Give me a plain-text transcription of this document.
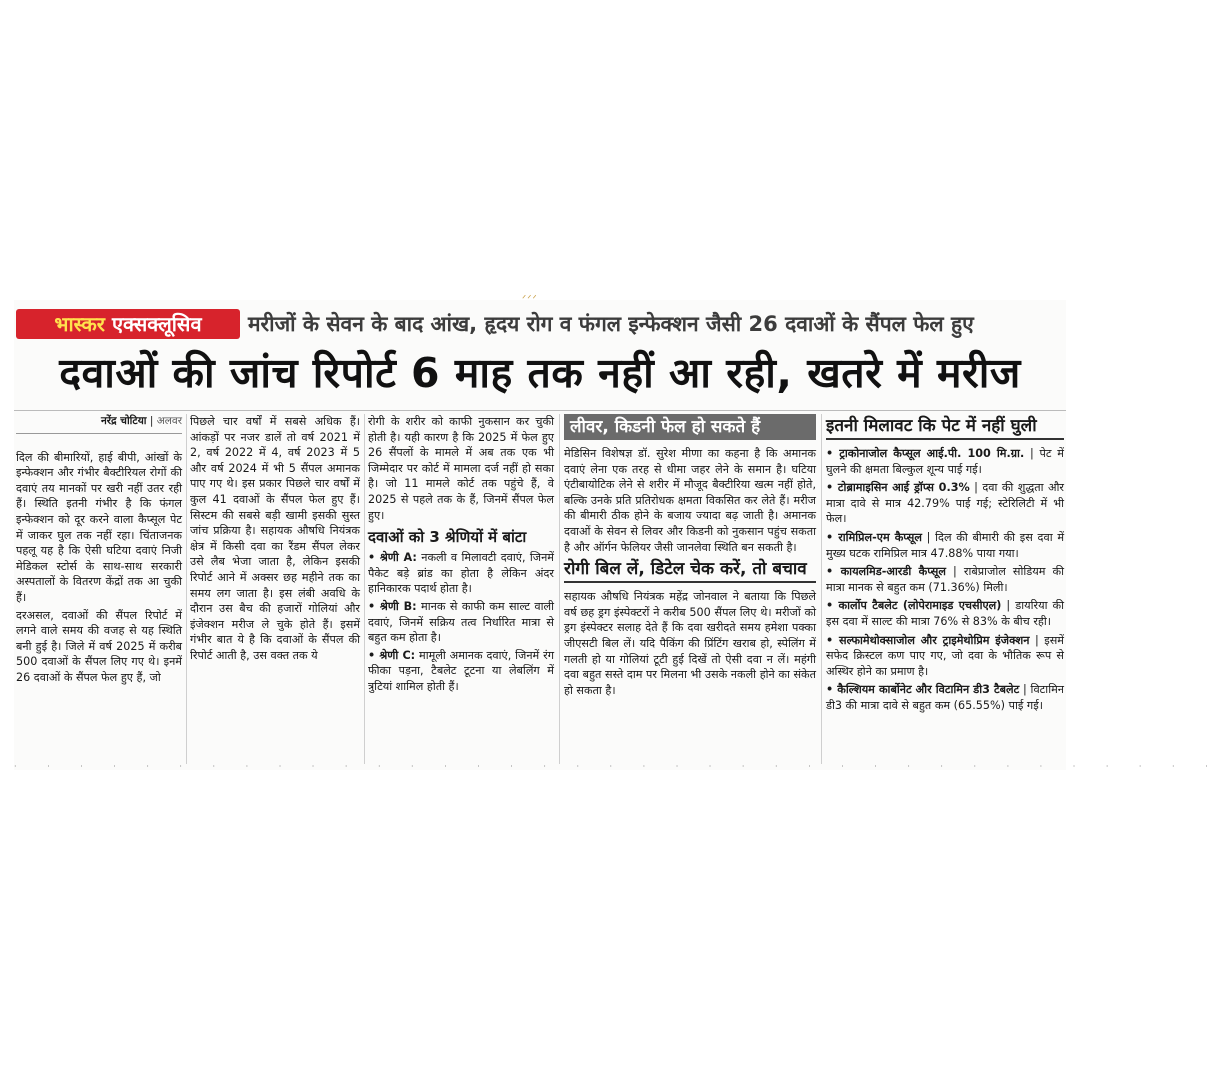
भास्कर एक्सक्लूसिव	मरीजों के सेवन के बाद आंख, हृदय रोग व फंगल इन्फेक्शन जैसी 26 दवाओं के सैंपल फेल हुए
दवाओं की जांच रिपोर्ट 6 माह तक नहीं आ रही, खतरे में मरीज
नरेंद्र चोटिया | अलवर

दिल की बीमारियों, हाई बीपी, आंखों के इन्फेक्शन और गंभीर बैक्टीरियल रोगों की दवाएं तय मानकों पर खरी नहीं उतर रही हैं। स्थिति इतनी गंभीर है कि फंगल इन्फेक्शन को दूर करने वाला कैप्सूल पेट में जाकर घुल तक नहीं रहा। चिंताजनक पहलू यह है कि ऐसी घटिया दवाएं निजी मेडिकल स्टोर्स के साथ-साथ सरकारी अस्पतालों के वितरण केंद्रों तक आ चुकी हैं।

दरअसल, दवाओं की सैंपल रिपोर्ट में लगने वाले समय की वजह से यह स्थिति बनी हुई है। जिले में वर्ष 2025 में करीब 500 दवाओं के सैंपल लिए गए थे। इनमें 26 दवाओं के सैंपल फेल हुए हैं, जो

पिछले चार वर्षों में सबसे अधिक हैं। आंकड़ों पर नजर डालें तो वर्ष 2021 में 2, वर्ष 2022 में 4, वर्ष 2023 में 5 और वर्ष 2024 में भी 5 सैंपल अमानक पाए गए थे। इस प्रकार पिछले चार वर्षों में कुल 41 दवाओं के सैंपल फेल हुए हैं। सिस्टम की सबसे बड़ी खामी इसकी सुस्त जांच प्रक्रिया है। सहायक औषधि नियंत्रक क्षेत्र में किसी दवा का रैंडम सैंपल लेकर उसे लैब भेजा जाता है, लेकिन इसकी रिपोर्ट आने में अक्सर छह महीने तक का समय लग जाता है। इस लंबी अवधि के दौरान उस बैच की हजारों गोलियां और इंजेक्शन मरीज ले चुके होते हैं। इसमें गंभीर बात ये है कि दवाओं के सैंपल की रिपोर्ट आती है, उस वक्त तक ये

रोगी के शरीर को काफी नुकसान कर चुकी होती है। यही कारण है कि 2025 में फेल हुए 26 सैंपलों के मामले में अब तक एक भी जिम्मेदार पर कोर्ट में मामला दर्ज नहीं हो सका है। जो 11 मामले कोर्ट तक पहुंचे हैं, वे 2025 से पहले तक के हैं, जिनमें सैंपल फेल हुए।

दवाओं को 3 श्रेणियों में बांटा

• श्रेणी A: नकली व मिलावटी दवाएं, जिनमें पैकेट बड़े ब्रांड का होता है लेकिन अंदर हानिकारक पदार्थ होता है।

• श्रेणी B: मानक से काफी कम साल्ट वाली दवाएं, जिनमें सक्रिय तत्व निर्धारित मात्रा से बहुत कम होता है।

• श्रेणी C: मामूली अमानक दवाएं, जिनमें रंग फीका पड़ना, टैबलेट टूटना या लेबलिंग में त्रुटियां शामिल होती हैं।

लीवर, किडनी फेल हो सकते हैं

मेडिसिन विशेषज्ञ डॉ. सुरेश मीणा का कहना है कि अमानक दवाएं लेना एक तरह से धीमा जहर लेने के समान है। घटिया एंटीबायोटिक लेने से शरीर में मौजूद बैक्टीरिया खत्म नहीं होते, बल्कि उनके प्रति प्रतिरोधक क्षमता विकसित कर लेते हैं। मरीज की बीमारी ठीक होने के बजाय ज्यादा बढ़ जाती है। अमानक दवाओं के सेवन से लिवर और किडनी को नुकसान पहुंच सकता है और ऑर्गन फेलियर जैसी जानलेवा स्थिति बन सकती है।

रोगी बिल लें, डिटेल चेक करें, तो बचाव

सहायक औषधि नियंत्रक महेंद्र जोनवाल ने बताया कि पिछले वर्ष छह ड्रग इंस्पेक्टरों ने करीब 500 सैंपल लिए थे। मरीजों को ड्रग इंस्पेक्टर सलाह देते हैं कि दवा खरीदते समय हमेशा पक्का जीएसटी बिल लें। यदि पैकिंग की प्रिंटिंग खराब हो, स्पेलिंग में गलती हो या गोलियां टूटी हुई दिखें तो ऐसी दवा न लें। महंगी दवा बहुत सस्ते दाम पर मिलना भी उसके नकली होने का संकेत हो सकता है।

इतनी मिलावट कि पेट में नहीं घुली

• ट्राकोनाजोल कैप्सूल आई.पी. 100 मि.ग्रा. | पेट में घुलने की क्षमता बिल्कुल शून्य पाई गई।

• टोब्रामाइसिन आई ड्रॉप्स 0.3% | दवा की शुद्धता और मात्रा दावे से मात्र 42.79% पाई गई; स्टेरिलिटी में भी फेल।

• रामिप्रिल-एम कैप्सूल | दिल की बीमारी की इस दवा में मुख्य घटक रामिप्रिल मात्र 47.88% पाया गया।

• कायलमिड-आरडी कैप्सूल | राबेप्राजोल सोडियम की मात्रा मानक से बहुत कम (71.36%) मिली।

• कार्लोप टैबलेट (लोपेरामाइड एचसीएल) | डायरिया की इस दवा में साल्ट की मात्रा 76% से 83% के बीच रही।

• सल्फामेथोक्साजोल और ट्राइमेथोप्रिम इंजेक्शन | इसमें सफेद क्रिस्टल कण पाए गए, जो दवा के भौतिक रूप से अस्थिर होने का प्रमाण है।

• कैल्शियम कार्बोनेट और विटामिन डी3 टैबलेट | विटामिन डी3 की मात्रा दावे से बहुत कम (65.55%) पाई गई।

· · · · · · · · · · · · · · · · · · · · · · · · · · · · · · · · · · · · ·
ᐟᐟᐟ
